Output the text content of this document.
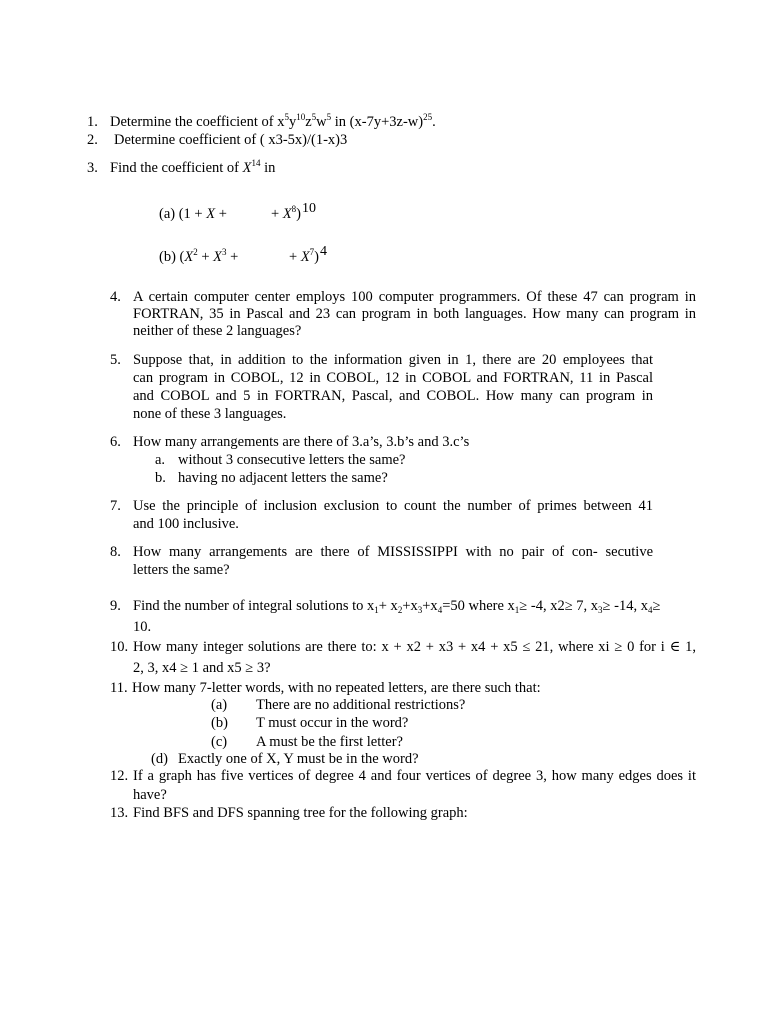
1. Determine the coefficient of $x^5y^{10}z^5w^5$ in $(x-7y+3z-w)^{25}$.
2. Determine coefficient of ( x3-5x)/(1-x)3
3. Find the coefficient of $X^{14}$ in
(a) (1 + X +	+ $X^8)10$
(b) ($X^2 + X^3$ +	+ $X^7)4$
4. A certain computer center employs 100 computer programmers. Of these 47 can program in
FORTRAN, 35 in Pascal and 23 can program in both languages. How many can program in
neither of these 2 languages?
5. Suppose that, in addition to the information given in 1, there are 20 employees that
can program in COBOL, 12 in COBOL, 12 in COBOL and FORTRAN, 11 in Pascal
and COBOL and 5 in FORTRAN, Pascal, and COBOL. How many can program in
none of these 3 languages.
6. How many arrangements are there of 3.a’s, 3.b’s and 3.c’s
a. without 3 consecutive letters the same?
b. having no adjacent letters the same?
7. Use the principle of inclusion exclusion to count the number of primes between 41
and 100 inclusive.
8. How many arrangements are there of MISSISSIPPI with no pair of con- secutive
letters the same?
9. Find the number of integral solutions to $x_1+ x_2+x_3+x_4=50$ where $x_1\ge -4$, x2≥ 7, $x_3\ge -14$, $x_4\ge$
10.
10. How many integer solutions are there to: x + x2 + x3 + x4 + x5 ≤ 21, where xi ≥ 0 for i ∈ 1,
2, 3, x4 ≥ 1 and x5 ≥ 3?
11. How many 7-letter words, with no repeated letters, are there such that:
(a) There are no additional restrictions?
(b) T must occur in the word?
(c) A must be the first letter?
(d) Exactly one of X, Y must be in the word?
12. If a graph has five vertices of degree 4 and four vertices of degree 3, how many edges does it
have?
13. Find BFS and DFS spanning tree for the following graph:
